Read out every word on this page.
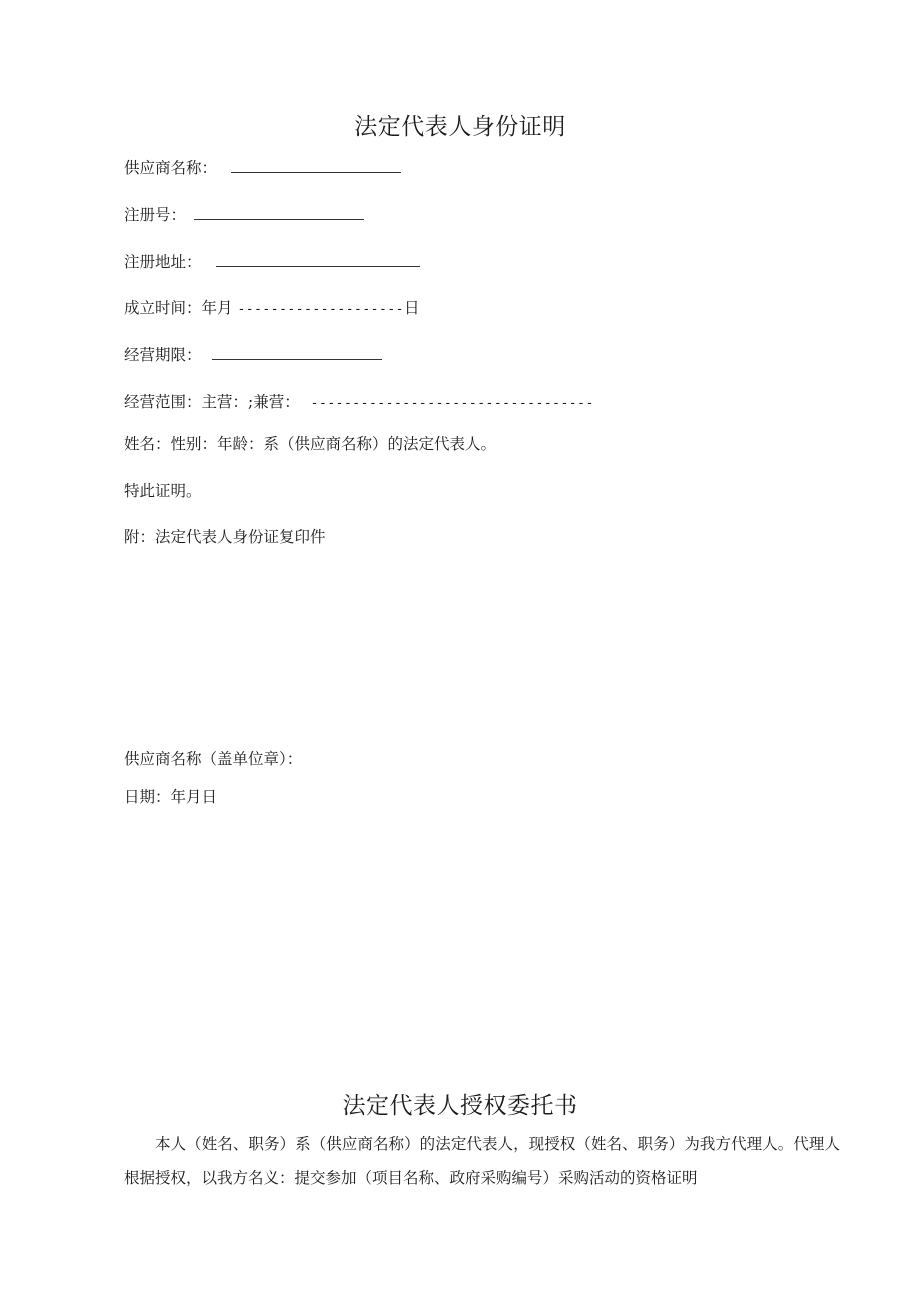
法定代表人身份证明
供应商名称：
注册号：
注册地址：
成立时间：年月 --------------------日
经营期限：
经营范围：主营：;兼营： ----------------------------------
姓名：性别：年龄：系（供应商名称）的法定代表人。
特此证明。
附：法定代表人身份证复印件
供应商名称（盖单位章）：
日期：年月日
法定代表人授权委托书
本人（姓名、职务）系（供应商名称）的法定代表人，现授权（姓名、职务）为我方代理人。代理人根据授权，以我方名义：提交参加（项目名称、政府采购编号）采购活动的资格证明
